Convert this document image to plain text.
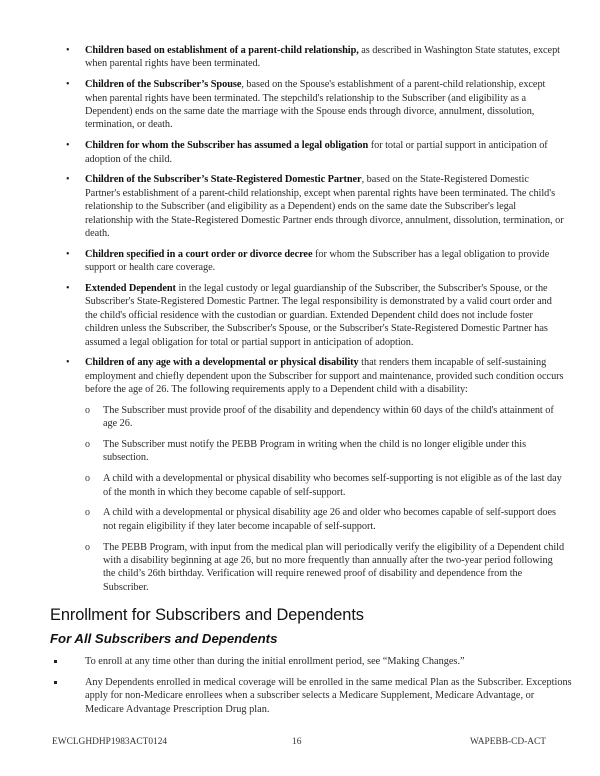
•	Children based on establishment of a parent-child relationship, as described in Washington State statutes, except when parental rights have been terminated.
•	Children of the Subscriber’s Spouse, based on the Spouse's establishment of a parent-child relationship, except when parental rights have been terminated. The stepchild's relationship to the Subscriber (and eligibility as a Dependent) ends on the same date the marriage with the Spouse ends through divorce, annulment, dissolution, termination, or death.
•	Children for whom the Subscriber has assumed a legal obligation for total or partial support in anticipation of adoption of the child.
•	Children of the Subscriber’s State-Registered Domestic Partner, based on the State-Registered Domestic Partner's establishment of a parent-child relationship, except when parental rights have been terminated. The child's relationship to the Subscriber (and eligibility as a Dependent) ends on the same date the Subscriber's legal relationship with the State-Registered Domestic Partner ends through divorce, annulment, dissolution, termination, or death.
•	Children specified in a court order or divorce decree for whom the Subscriber has a legal obligation to provide support or health care coverage.
•	Extended Dependent in the legal custody or legal guardianship of the Subscriber, the Subscriber's Spouse, or the Subscriber's State-Registered Domestic Partner. The legal responsibility is demonstrated by a valid court order and the child's official residence with the custodian or guardian. Extended Dependent child does not include foster children unless the Subscriber, the Subscriber's Spouse, or the Subscriber's State-Registered Domestic Partner has assumed a legal obligation for total or partial support in anticipation of adoption.
•	Children of any age with a developmental or physical disability that renders them incapable of self-sustaining employment and chiefly dependent upon the Subscriber for support and maintenance, provided such condition occurs before the age of 26. The following requirements apply to a Dependent child with a disability:
o The Subscriber must provide proof of the disability and dependency within 60 days of the child's attainment of age 26.
o The Subscriber must notify the PEBB Program in writing when the child is no longer eligible under this subsection.
o A child with a developmental or physical disability who becomes self-supporting is not eligible as of the last day of the month in which they become capable of self-support.
o A child with a developmental or physical disability age 26 and older who becomes capable of self-support does not regain eligibility if they later become incapable of self-support.
o The PEBB Program, with input from the medical plan will periodically verify the eligibility of a Dependent child with a disability beginning at age 26, but no more frequently than annually after the two-year period following the child’s 26th birthday. Verification will require renewed proof of disability and dependence from the Subscriber.
Enrollment for Subscribers and Dependents
For All Subscribers and Dependents
To enroll at any time other than during the initial enrollment period, see “Making Changes.”
Any Dependents enrolled in medical coverage will be enrolled in the same medical Plan as the Subscriber. Exceptions apply for non-Medicare enrollees when a subscriber selects a Medicare Supplement, Medicare Advantage, or Medicare Advantage Prescription Drug plan.
EWCLGHDHP1983ACT0124	16	WAPEBB-CD-ACT
